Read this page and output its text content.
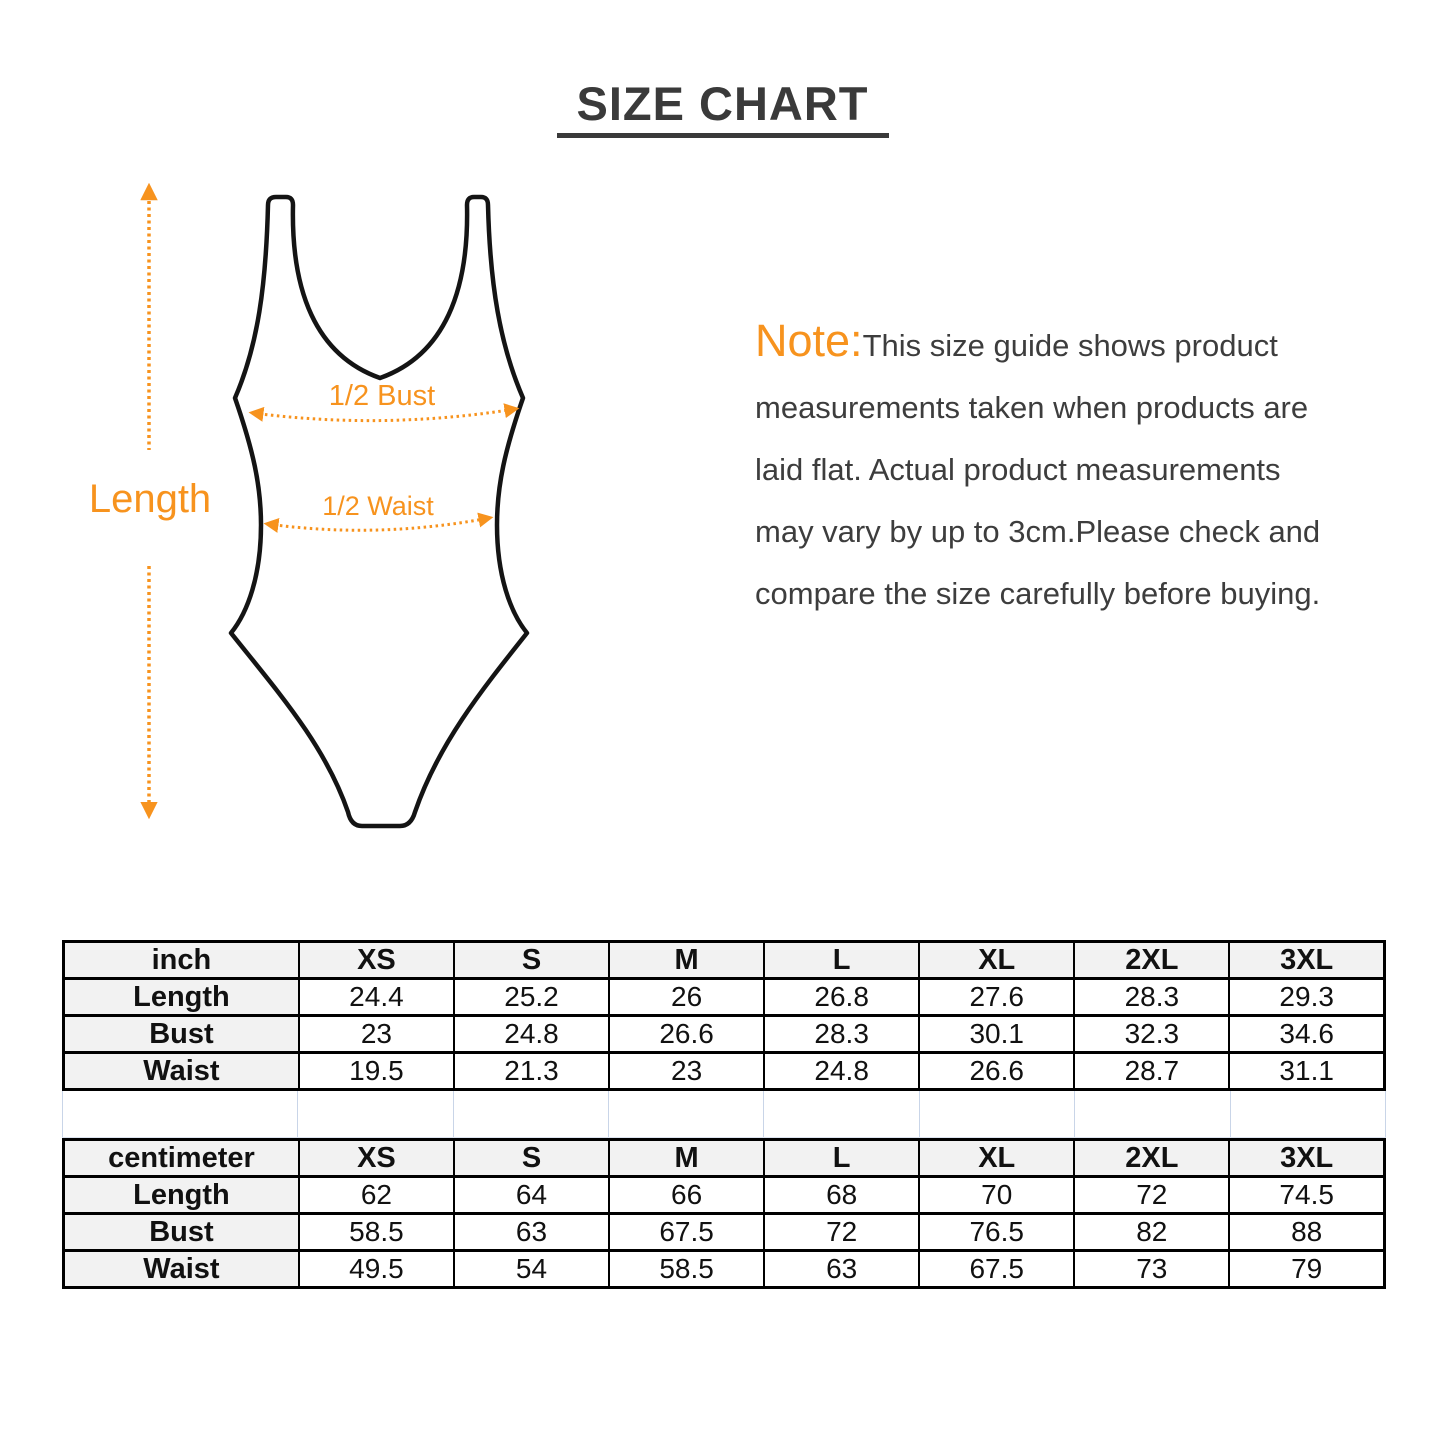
SIZE CHART
Length
1/2 Bust
1/2 Waist
Note:This size guide shows product
measurements taken when products are
laid flat. Actual product measurements
may vary by up to 3cm.Please check and
compare the size carefully before buying.
inch	XS	S	M	L	XL	2XL	3XL
Length	24.4	25.2	26	26.8	27.6	28.3	29.3
Bust	23	24.8	26.6	28.3	30.1	32.3	34.6
Waist	19.5	21.3	23	24.8	26.6	28.7	31.1
centimeter	XS	S	M	L	XL	2XL	3XL
Length	62	64	66	68	70	72	74.5
Bust	58.5	63	67.5	72	76.5	82	88
Waist	49.5	54	58.5	63	67.5	73	79
